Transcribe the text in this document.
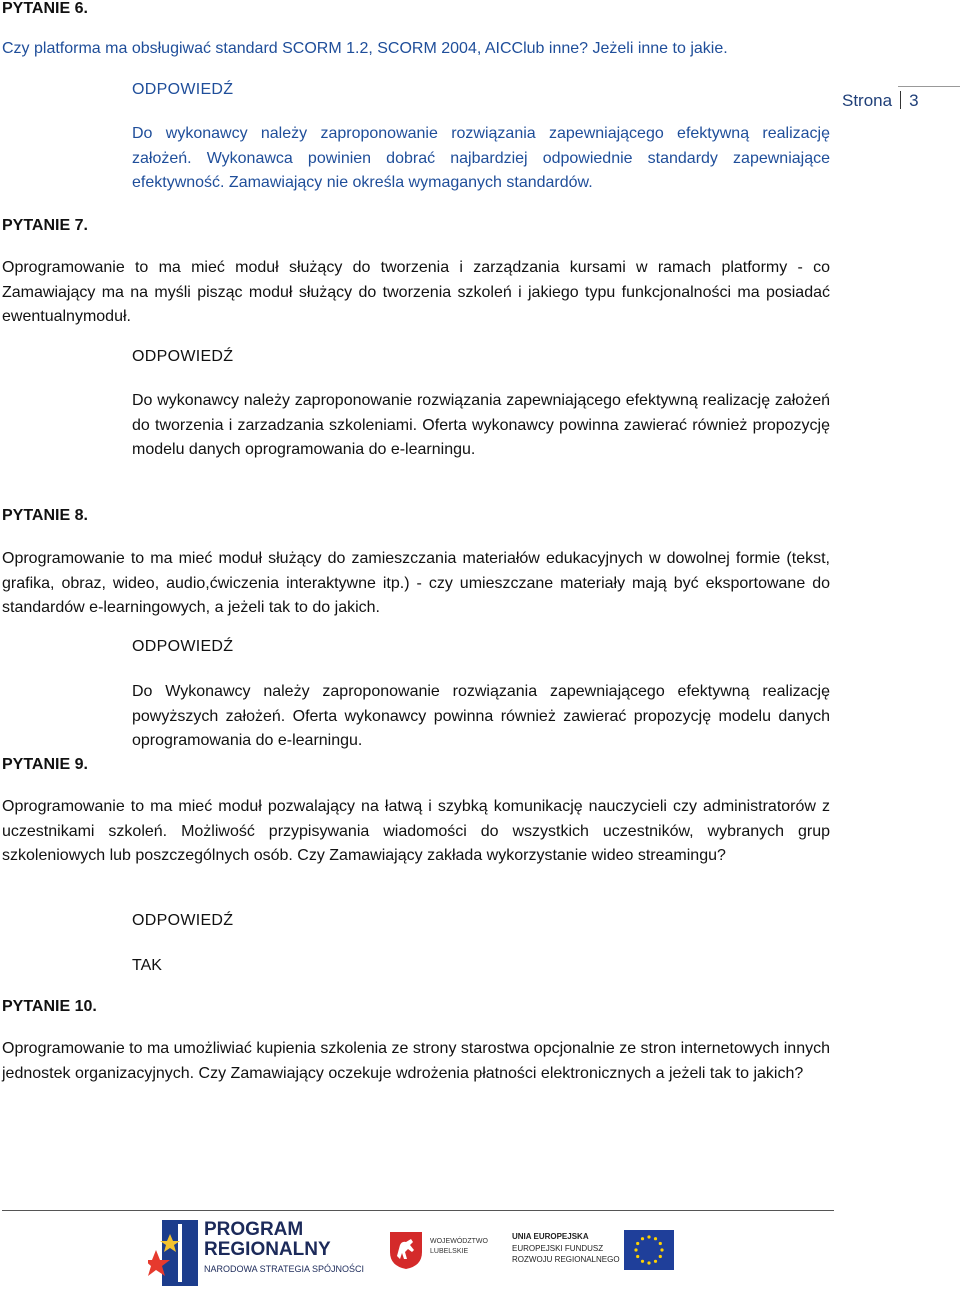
PYTANIE 6.
Czy platforma ma obsługiwać standard SCORM 1.2, SCORM 2004, AICClub inne? Jeżeli inne to jakie.
ODPOWIEDŹ
Do wykonawcy należy zaproponowanie rozwiązania zapewniającego efektywną realizację założeń. Wykonawca powinien dobrać najbardziej odpowiednie standardy zapewniające efektywność. Zamawiający nie określa wymaganych standardów.
Strona 3
PYTANIE 7.
Oprogramowanie to ma mieć moduł służący do tworzenia i zarządzania kursami w ramach platformy - co Zamawiający ma na myśli pisząc moduł służący do tworzenia szkoleń i jakiego typu funkcjonalności ma posiadać ewentualnymoduł.
ODPOWIEDŹ
Do wykonawcy należy zaproponowanie rozwiązania zapewniającego efektywną realizację założeń do tworzenia i zarzadzania szkoleniami. Oferta wykonawcy powinna zawierać również propozycję modelu danych oprogramowania do e-learningu.
PYTANIE 8.
Oprogramowanie to ma mieć moduł służący do zamieszczania materiałów edukacyjnych w dowolnej formie (tekst, grafika, obraz, wideo, audio,ćwiczenia interaktywne itp.) - czy umieszczane materiały mają być eksportowane do standardów e-learningowych, a jeżeli tak to do jakich.
ODPOWIEDŹ
Do Wykonawcy należy zaproponowanie rozwiązania zapewniającego efektywną realizację powyższych założeń. Oferta wykonawcy powinna również zawierać propozycję modelu danych oprogramowania do e-learningu.
PYTANIE 9.
Oprogramowanie to ma mieć moduł pozwalający na łatwą i szybką komunikację nauczycieli czy administratorów z uczestnikami szkoleń. Możliwość przypisywania wiadomości do wszystkich uczestników, wybranych grup szkoleniowych lub poszczególnych osób. Czy Zamawiający zakłada wykorzystanie wideo streamingu?
ODPOWIEDŹ
TAK
PYTANIE 10.
Oprogramowanie to ma umożliwiać kupienia szkolenia ze strony starostwa opcjonalnie ze stron internetowych innych jednostek organizacyjnych. Czy Zamawiający oczekuje wdrożenia płatności elektronicznych a jeżeli tak to jakich?
PROGRAM
REGIONALNY
NARODOWA STRATEGIA SPÓJNOŚCI
WOJEWÓDZTWO
LUBELSKIE
UNIA EUROPEJSKA
EUROPEJSKI FUNDUSZ
ROZWOJU REGIONALNEGO
